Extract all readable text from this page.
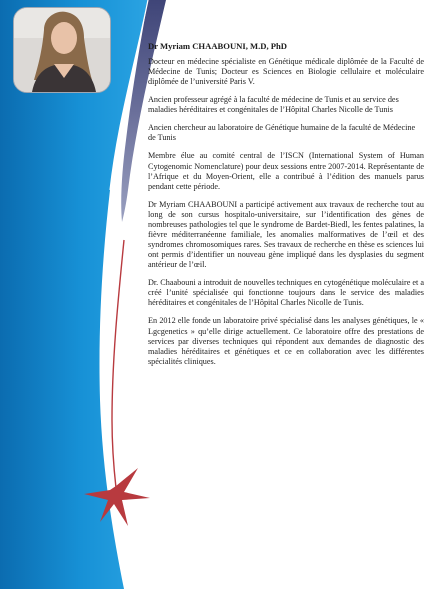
Dr Myriam CHAABOUNI, M.D, PhD

Docteur en médecine spécialiste en Génétique médicale diplômée de la Faculté de Médecine de Tunis; Docteur es Sciences en Biologie cellulaire et moléculaire diplômée de l’université Paris V.

Ancien professeur agrégé à la faculté de médecine de Tunis et au service des maladies héréditaires et congénitales de l’Hôpital Charles Nicolle de Tunis

Ancien chercheur au laboratoire de Génétique humaine de la faculté de Médecine de Tunis

Membre élue au comité central de l’ISCN (International System of Human Cytogenomic Nomenclature) pour deux sessions entre 2007-2014. Représentante de l’Afrique et du Moyen-Orient, elle a contribué à l’édition des manuels parus pendant cette période.

Dr Myriam CHAABOUNI a participé activement aux travaux de recherche tout au long de son cursus hospitalo-universitaire, sur l’identification des gènes de nombreuses pathologies tel que le syndrome de Bardet-Biedl, les fentes palatines, la fièvre méditerranéenne familiale, les anomalies malformatives de l’œil et des syndromes chromosomiques rares. Ses travaux de recherche en thèse es sciences lui ont permis d’identifier un nouveau gène impliqué dans les dysplasies du segment antérieur de l’œil.

Dr. Chaabouni a introduit de nouvelles techniques en cytogénétique moléculaire et a créé l’unité spécialisée qui fonctionne toujours dans le service des maladies héréditaires et congénitales de l’Hôpital Charles Nicolle de Tunis.

En 2012 elle fonde un laboratoire privé spécialisé dans les analyses génétiques, le « Lgcgenetics » qu’elle dirige actuellement. Ce laboratoire offre des prestations de services par diverses techniques qui répondent aux demandes de diagnostic des maladies héréditaires et génétiques et ce en collaboration avec les différentes spécialités cliniques.
